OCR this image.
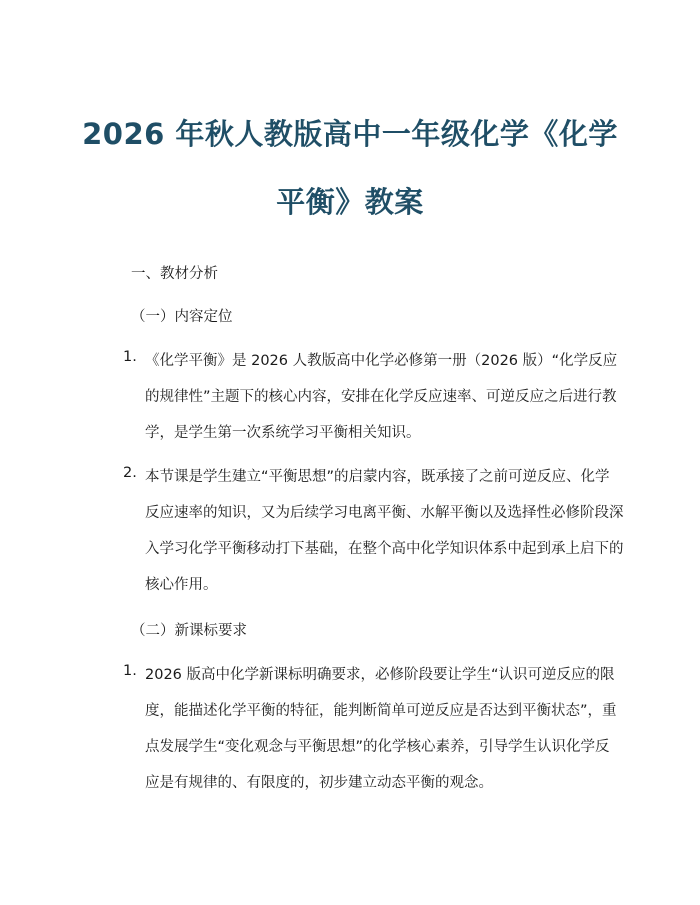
2026 年秋人教版高中一年级化学《化学
平衡》教案
一、教材分析
（一）内容定位
1. 《化学平衡》是 2026 人教版高中化学必修第一册（2026 版）“化学反应
的规律性”主题下的核心内容，安排在化学反应速率、可逆反应之后进行教
学，是学生第一次系统学习平衡相关知识。
2. 本节课是学生建立“平衡思想”的启蒙内容，既承接了之前可逆反应、化学
反应速率的知识，又为后续学习电离平衡、水解平衡以及选择性必修阶段深
入学习化学平衡移动打下基础，在整个高中化学知识体系中起到承上启下的
核心作用。
（二）新课标要求
1. 2026 版高中化学新课标明确要求，必修阶段要让学生“认识可逆反应的限
度，能描述化学平衡的特征，能判断简单可逆反应是否达到平衡状态”，重
点发展学生“变化观念与平衡思想”的化学核心素养，引导学生认识化学反
应是有规律的、有限度的，初步建立动态平衡的观念。
